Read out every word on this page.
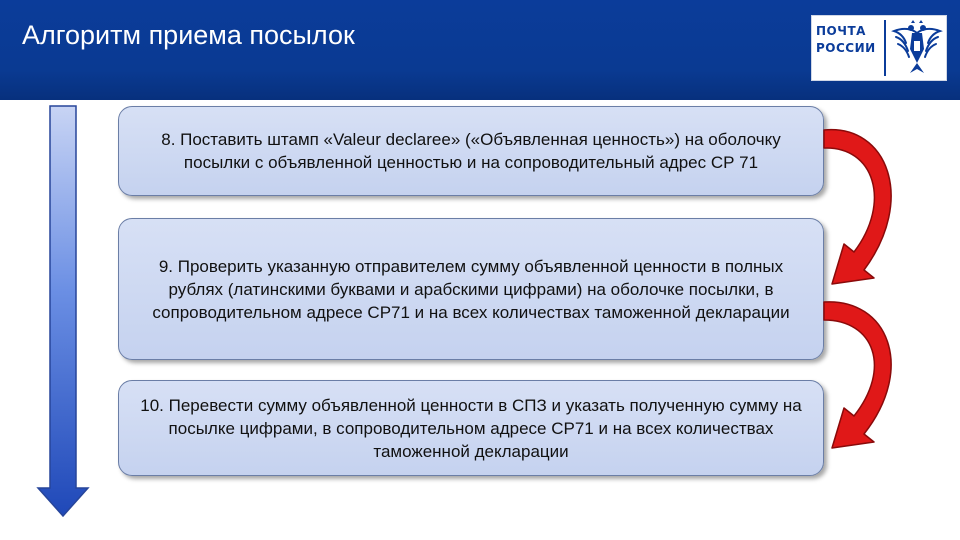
Алгоритм приема посылок	ПОЧТА
РОССИИ
8. Поставить штамп «Valeur declaree» («Объявленная ценность») на оболочку посылки с объявленной ценностью и на сопроводительный адрес СР 71
9. Проверить указанную отправителем сумму объявленной ценности в полных рублях (латинскими буквами и арабскими цифрами) на оболочке посылки, в сопроводительном адресе СР71 и на всех количествах таможенной декларации
10. Перевести сумму объявленной ценности в СПЗ и указать полученную сумму на посылке цифрами, в сопроводительном адресе СР71 и на всех количествах таможенной декларации
